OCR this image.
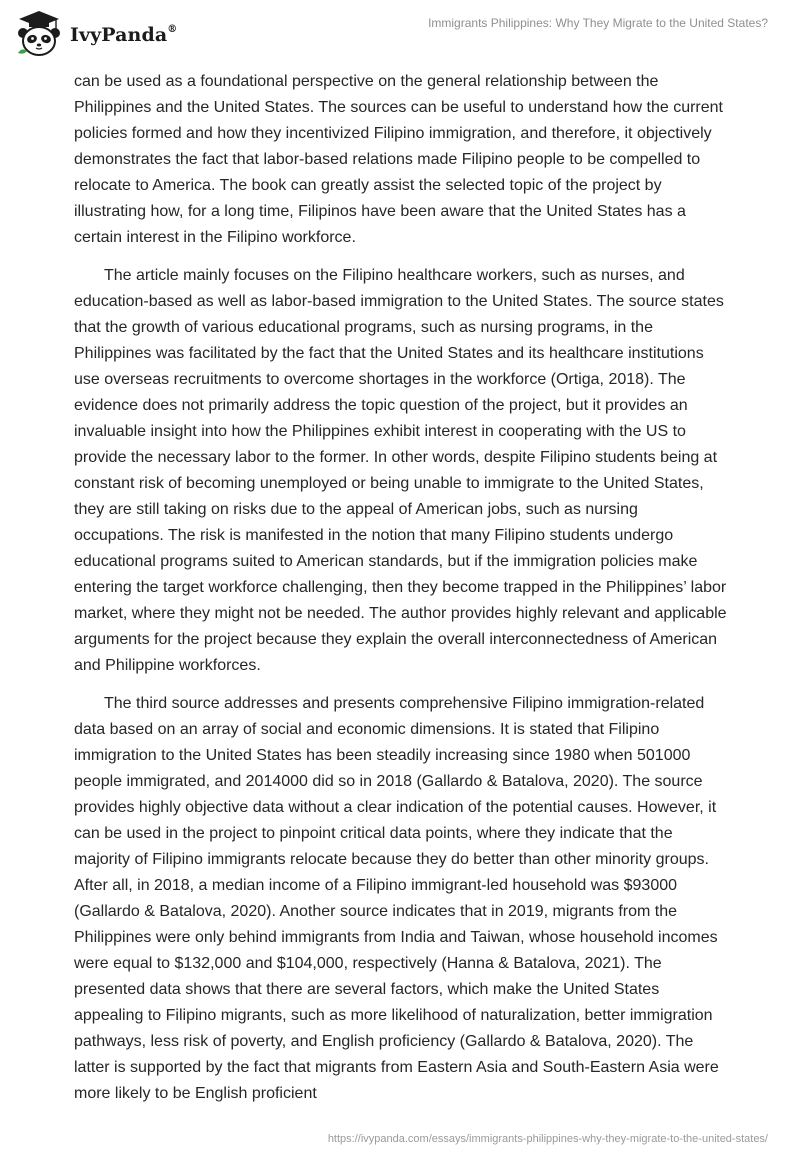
IvyPanda®	Immigrants Philippines: Why They Migrate to the United States?

can be used as a foundational perspective on the general relationship between the Philippines and the United States. The sources can be useful to understand how the current policies formed and how they incentivized Filipino immigration, and therefore, it objectively demonstrates the fact that labor-based relations made Filipino people to be compelled to relocate to America. The book can greatly assist the selected topic of the project by illustrating how, for a long time, Filipinos have been aware that the United States has a certain interest in the Filipino workforce.

The article mainly focuses on the Filipino healthcare workers, such as nurses, and education-based as well as labor-based immigration to the United States. The source states that the growth of various educational programs, such as nursing programs, in the Philippines was facilitated by the fact that the United States and its healthcare institutions use overseas recruitments to overcome shortages in the workforce (Ortiga, 2018). The evidence does not primarily address the topic question of the project, but it provides an invaluable insight into how the Philippines exhibit interest in cooperating with the US to provide the necessary labor to the former. In other words, despite Filipino students being at constant risk of becoming unemployed or being unable to immigrate to the United States, they are still taking on risks due to the appeal of American jobs, such as nursing occupations. The risk is manifested in the notion that many Filipino students undergo educational programs suited to American standards, but if the immigration policies make entering the target workforce challenging, then they become trapped in the Philippines’ labor market, where they might not be needed. The author provides highly relevant and applicable arguments for the project because they explain the overall interconnectedness of American and Philippine workforces.

The third source addresses and presents comprehensive Filipino immigration-related data based on an array of social and economic dimensions. It is stated that Filipino immigration to the United States has been steadily increasing since 1980 when 501000 people immigrated, and 2014000 did so in 2018 (Gallardo & Batalova, 2020). The source provides highly objective data without a clear indication of the potential causes. However, it can be used in the project to pinpoint critical data points, where they indicate that the majority of Filipino immigrants relocate because they do better than other minority groups. After all, in 2018, a median income of a Filipino immigrant-led household was $93000 (Gallardo & Batalova, 2020). Another source indicates that in 2019, migrants from the Philippines were only behind immigrants from India and Taiwan, whose household incomes were equal to $132,000 and $104,000, respectively (Hanna & Batalova, 2021). The presented data shows that there are several factors, which make the United States appealing to Filipino migrants, such as more likelihood of naturalization, better immigration pathways, less risk of poverty, and English proficiency (Gallardo & Batalova, 2020). The latter is supported by the fact that migrants from Eastern Asia and South-Eastern Asia were more likely to be English proficient

https://ivypanda.com/essays/immigrants-philippines-why-they-migrate-to-the-united-states/
